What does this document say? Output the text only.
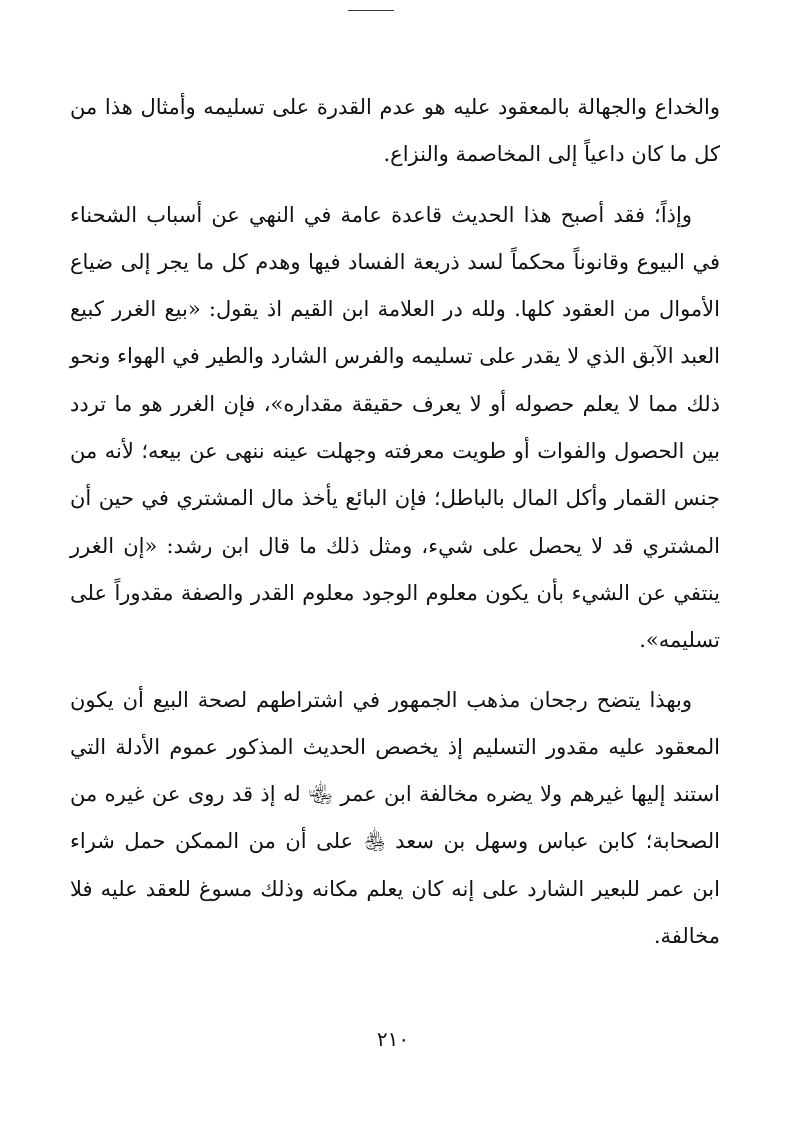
والخداع والجهالة بالمعقود عليه هو عدم القدرة على تسليمه وأمثال هذا من كل ما كان داعياً إلى المخاصمة والنزاع.

وإذاً؛ فقد أصبح هذا الحديث قاعدة عامة في النهي عن أسباب الشحناء في البيوع وقانوناً محكماً لسد ذريعة الفساد فيها وهدم كل ما يجر إلى ضياع الأموال من العقود كلها. ولله در العلامة ابن القيم اذ يقول: «بيع الغرر كبيع العبد الآبق الذي لا يقدر على تسليمه والفرس الشارد والطير في الهواء ونحو ذلك مما لا يعلم حصوله أو لا يعرف حقيقة مقداره»، فإن الغرر هو ما تردد بين الحصول والفوات أو طويت معرفته وجهلت عينه ننهى عن بيعه؛ لأنه من جنس القمار وأكل المال بالباطل؛ فإن البائع يأخذ مال المشتري في حين أن المشتري قد لا يحصل على شيء، ومثل ذلك ما قال ابن رشد: «إن الغرر ينتفي عن الشيء بأن يكون معلوم الوجود معلوم القدر والصفة مقدوراً على تسليمه».

وبهذا يتضح رجحان مذهب الجمهور في اشتراطهم لصحة البيع أن يكون المعقود عليه مقدور التسليم إذ يخصص الحديث المذكور عموم الأدلة التي استند إليها غيرهم ولا يضره مخالفة ابن عمر ﵄ له إذ قد روى عن غيره من الصحابة؛ كابن عباس وسهل بن سعد ﵃ على أن من الممكن حمل شراء ابن عمر للبعير الشارد على إنه كان يعلم مكانه وذلك مسوغ للعقد عليه فلا مخالفة.

٢١٠
